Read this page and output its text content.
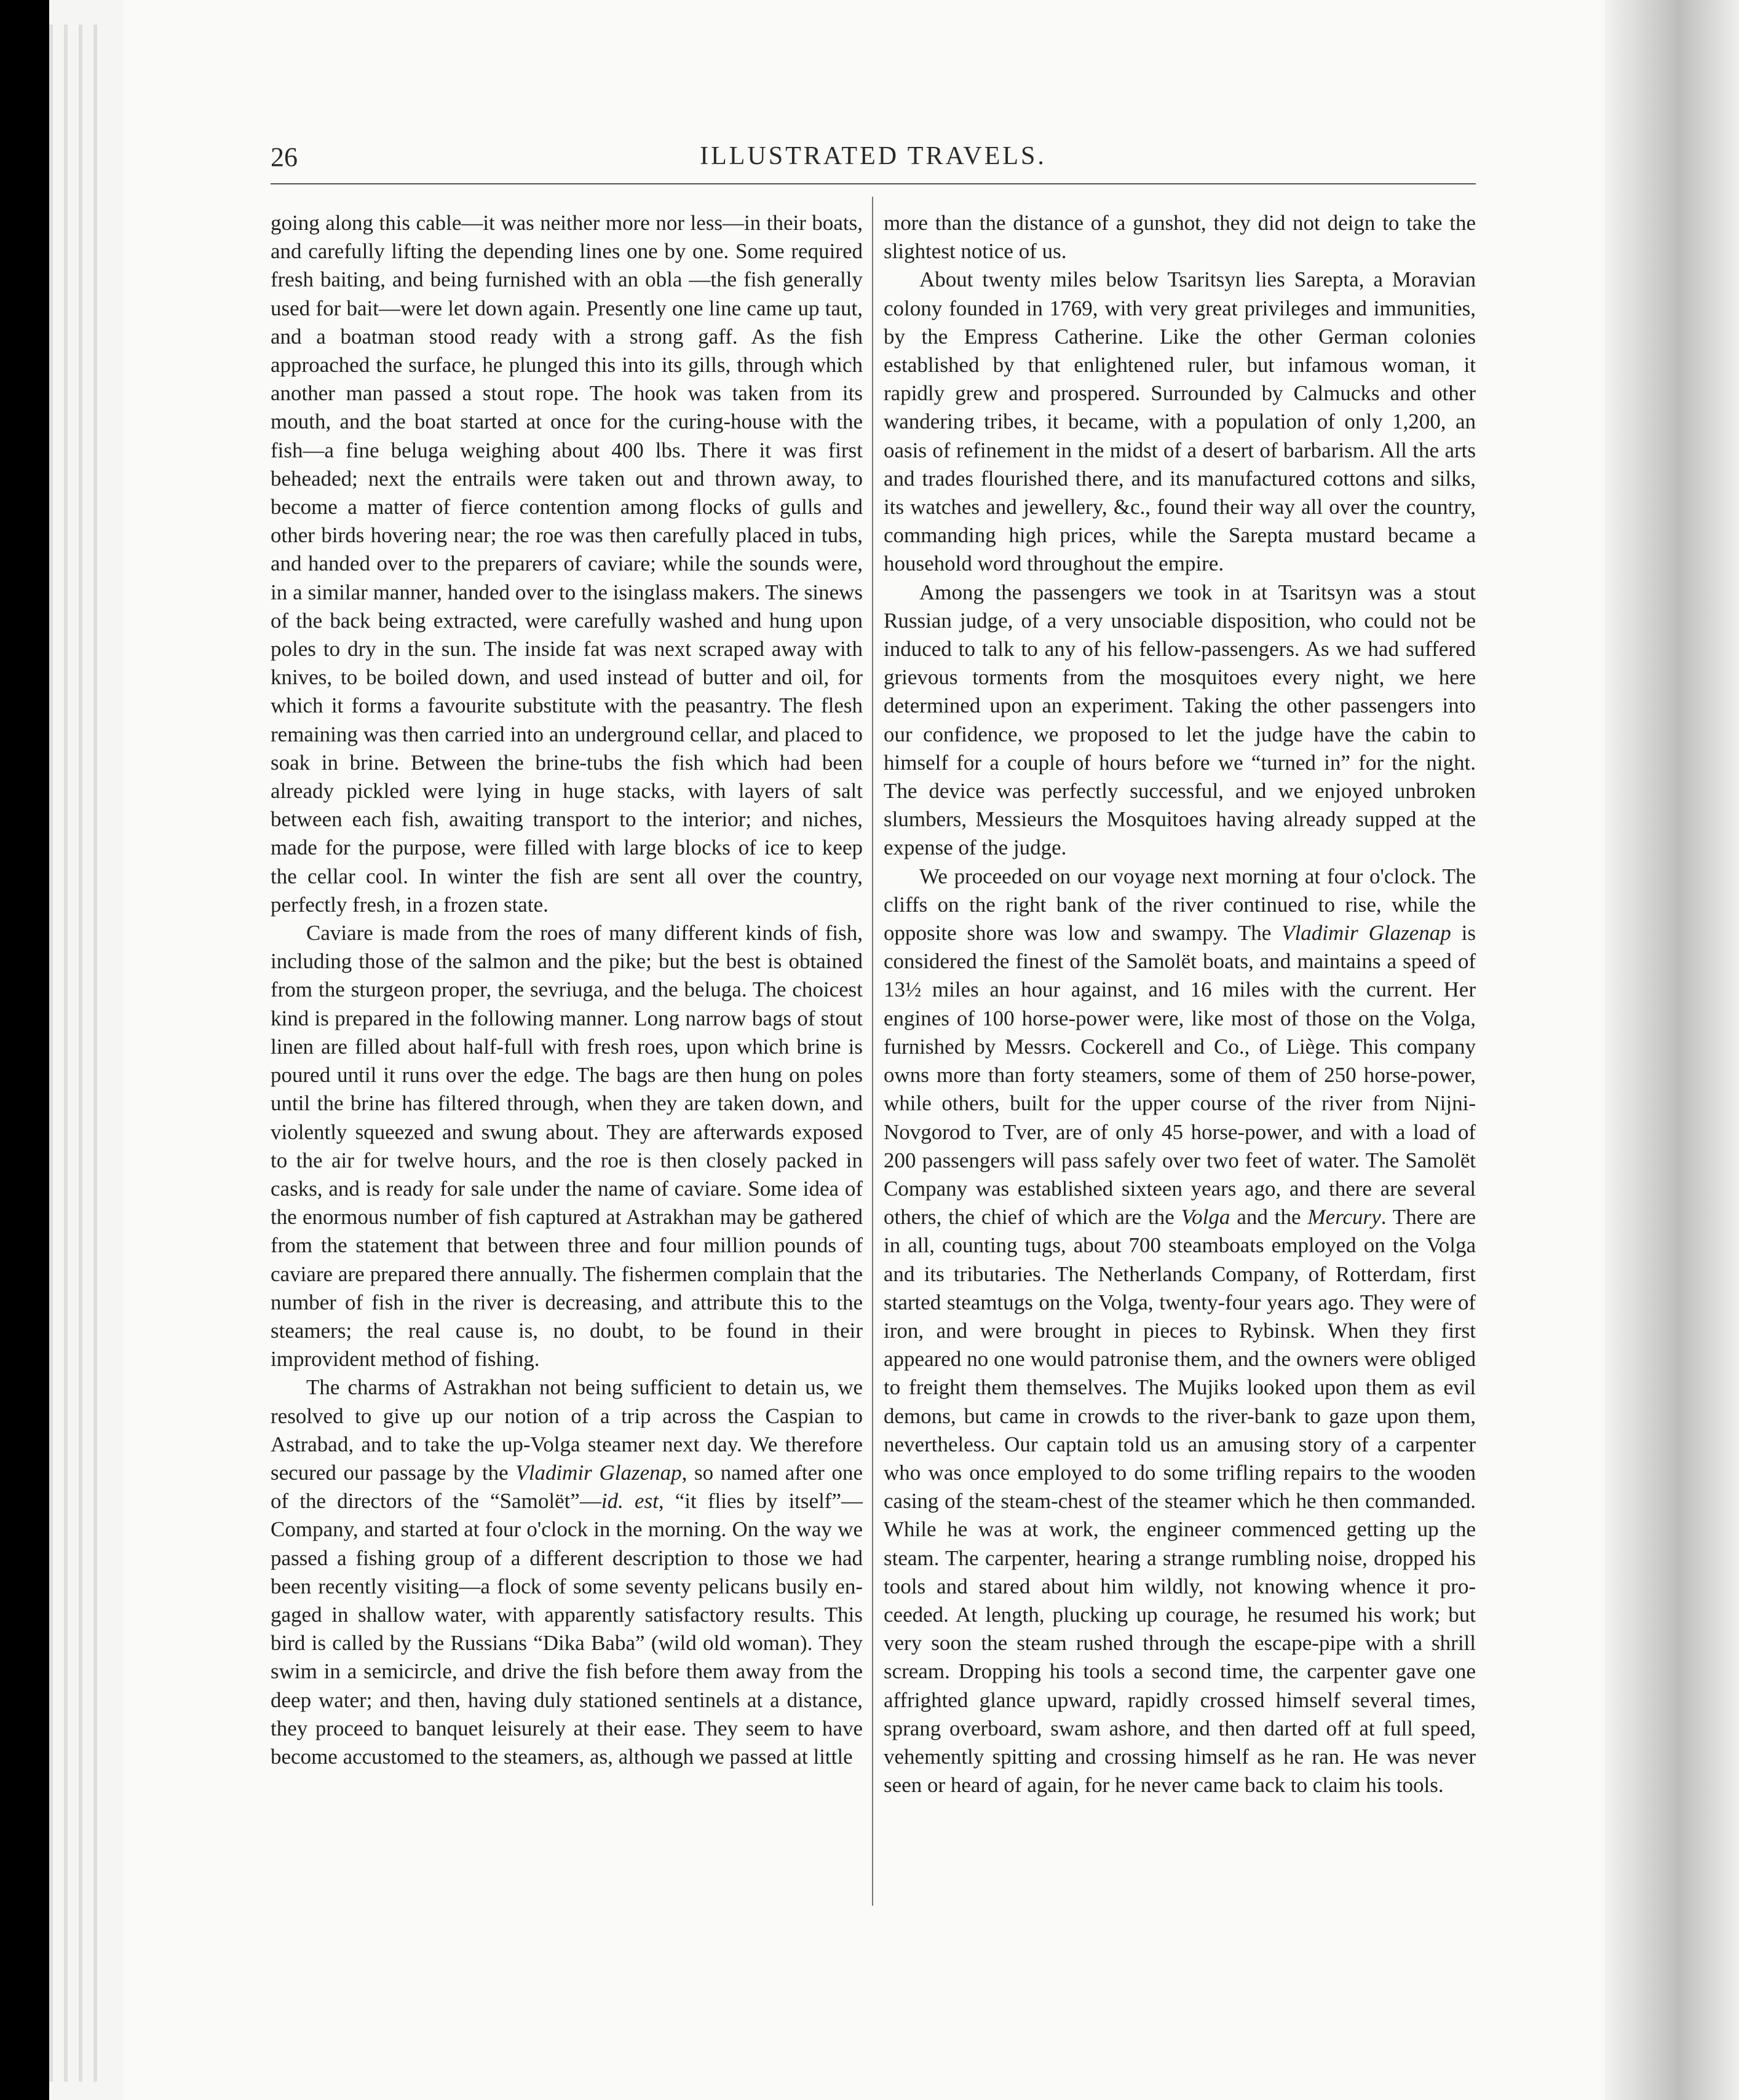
ILLUSTRATED TRAVELS.
26

going along this cable—it was neither more nor less—in their boats, and carefully lifting the depending lines one by one. Some required fresh baiting, and being furnished with an obla —the fish generally used for bait—were let down again. Presently one line came up taut, and a boatman stood ready with a strong gaff. As the fish approached the surface, he plunged this into its gills, through which another man passed a stout rope. The hook was taken from its mouth, and the boat started at once for the curing-house with the fish—a fine beluga weighing about 400 lbs. There it was first beheaded; next the entrails were taken out and thrown away, to become a matter of fierce contention among flocks of gulls and other birds hovering near; the roe was then carefully placed in tubs, and handed over to the preparers of caviare; while the sounds were, in a similar manner, handed over to the isinglass makers. The sinews of the back being extracted, were carefully washed and hung upon poles to dry in the sun. The inside fat was next scraped away with knives, to be boiled down, and used instead of butter and oil, for which it forms a favourite substitute with the peasantry. The flesh remaining was then carried into an underground cellar, and placed to soak in brine. Between the brine-tubs the fish which had been already pickled were lying in huge stacks, with layers of salt between each fish, awaiting transport to the interior; and niches, made for the purpose, were filled with large blocks of ice to keep the cellar cool. In winter the fish are sent all over the country, perfectly fresh, in a frozen state.

Caviare is made from the roes of many different kinds of fish, including those of the salmon and the pike; but the best is obtained from the sturgeon proper, the sevriuga, and the beluga. The choicest kind is prepared in the following manner. Long narrow bags of stout linen are filled about half-full with fresh roes, upon which brine is poured until it runs over the edge. The bags are then hung on poles until the brine has filtered through, when they are taken down, and violently squeezed and swung about. They are afterwards exposed to the air for twelve hours, and the roe is then closely packed in casks, and is ready for sale under the name of caviare. Some idea of the enormous number of fish captured at Astrakhan may be gathered from the statement that between three and four million pounds of caviare are prepared there annually. The fishermen complain that the number of fish in the river is decreasing, and attribute this to the steamers; the real cause is, no doubt, to be found in their improvident method of fishing.

The charms of Astrakhan not being sufficient to detain us, we resolved to give up our notion of a trip across the Caspian to Astrabad, and to take the up-Volga steamer next day. We therefore secured our passage by the Vladimir Glazenap, so named after one of the directors of the “Samolët”—id. est, “it flies by itself”—Company, and started at four o'clock in the morning. On the way we passed a fishing group of a different description to those we had been recently visiting—a flock of some seventy pelicans busily engaged in shallow water, with apparently satisfactory results. This bird is called by the Russians “Dika Baba” (wild old woman). They swim in a semicircle, and drive the fish before them away from the deep water; and then, having duly stationed sentinels at a distance, they proceed to banquet leisurely at their ease. They seem to have become accustomed to the steamers, as, although we passed at little

more than the distance of a gunshot, they did not deign to take the slightest notice of us.

About twenty miles below Tsaritsyn lies Sarepta, a Moravian colony founded in 1769, with very great privileges and immunities, by the Empress Catherine. Like the other German colonies established by that enlightened ruler, but infamous woman, it rapidly grew and prospered. Surrounded by Calmucks and other wandering tribes, it became, with a population of only 1,200, an oasis of refinement in the midst of a desert of barbarism. All the arts and trades flourished there, and its manufactured cottons and silks, its watches and jewellery, &c., found their way all over the country, commanding high prices, while the Sarepta mustard became a household word throughout the empire.

Among the passengers we took in at Tsaritsyn was a stout Russian judge, of a very unsociable disposition, who could not be induced to talk to any of his fellow-passengers. As we had suffered grievous torments from the mosquitoes every night, we here determined upon an experiment. Taking the other passengers into our confidence, we proposed to let the judge have the cabin to himself for a couple of hours before we “turned in” for the night. The device was perfectly successful, and we enjoyed unbroken slumbers, Messieurs the Mosquitoes having already supped at the expense of the judge.

We proceeded on our voyage next morning at four o'clock. The cliffs on the right bank of the river continued to rise, while the opposite shore was low and swampy. The Vladimir Glazenap is considered the finest of the Samolët boats, and maintains a speed of 13½ miles an hour against, and 16 miles with the current. Her engines of 100 horse-power were, like most of those on the Volga, furnished by Messrs. Cockerell and Co., of Liège. This company owns more than forty steamers, some of them of 250 horse-power, while others, built for the upper course of the river from Nijni-Novgorod to Tver, are of only 45 horse-power, and with a load of 200 passengers will pass safely over two feet of water. The Samolët Company was established sixteen years ago, and there are several others, the chief of which are the Volga and the Mercury. There are in all, counting tugs, about 700 steamboats employed on the Volga and its tributaries. The Netherlands Company, of Rotterdam, first started steamtugs on the Volga, twenty-four years ago. They were of iron, and were brought in pieces to Rybinsk. When they first appeared no one would patronise them, and the owners were obliged to freight them themselves. The Mujiks looked upon them as evil demons, but came in crowds to the river-bank to gaze upon them, nevertheless. Our captain told us an amusing story of a carpenter who was once employed to do some trifling repairs to the wooden casing of the steam-chest of the steamer which he then commanded. While he was at work, the engineer commenced getting up the steam. The carpenter, hearing a strange rumbling noise, dropped his tools and stared about him wildly, not knowing whence it proceeded. At length, plucking up courage, he resumed his work; but very soon the steam rushed through the escape-pipe with a shrill scream. Dropping his tools a second time, the carpenter gave one affrighted glance upward, rapidly crossed himself several times, sprang overboard, swam ashore, and then darted off at full speed, vehemently spitting and crossing himself as he ran. He was never seen or heard of again, for he never came back to claim his tools.
